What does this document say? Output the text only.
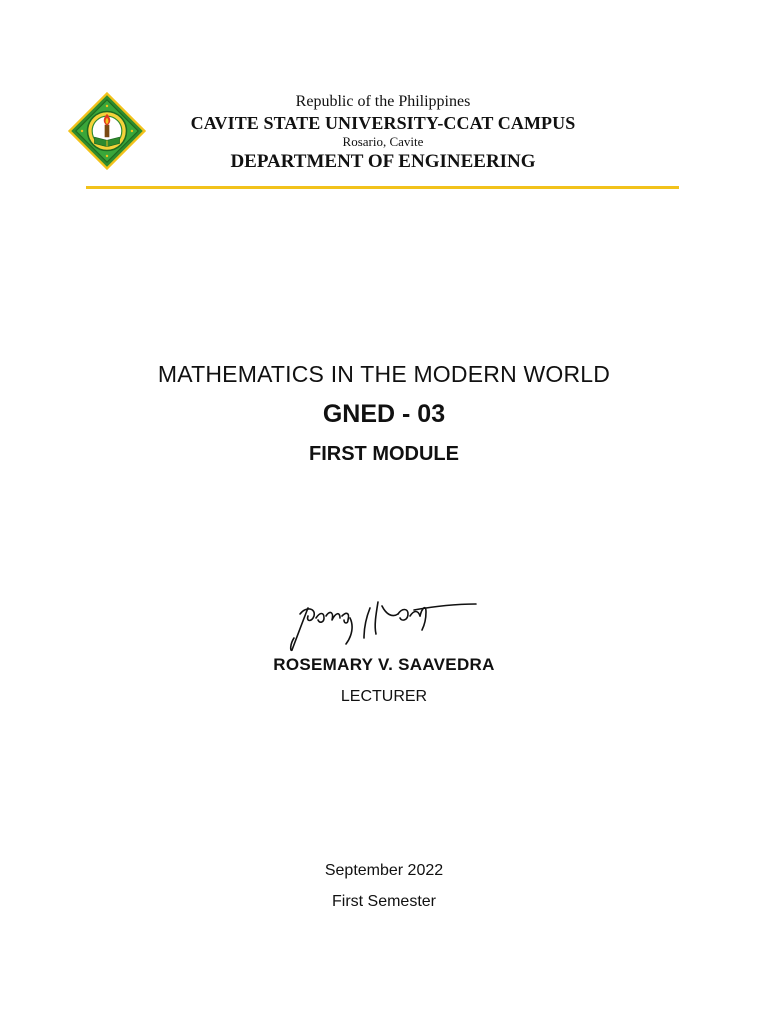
Republic of the Philippines
CAVITE STATE UNIVERSITY-CCAT CAMPUS
Rosario, Cavite
DEPARTMENT OF ENGINEERING
MATHEMATICS IN THE MODERN WORLD
GNED - 03
FIRST MODULE
ROSEMARY V. SAAVEDRA
LECTURER
September 2022
First Semester
